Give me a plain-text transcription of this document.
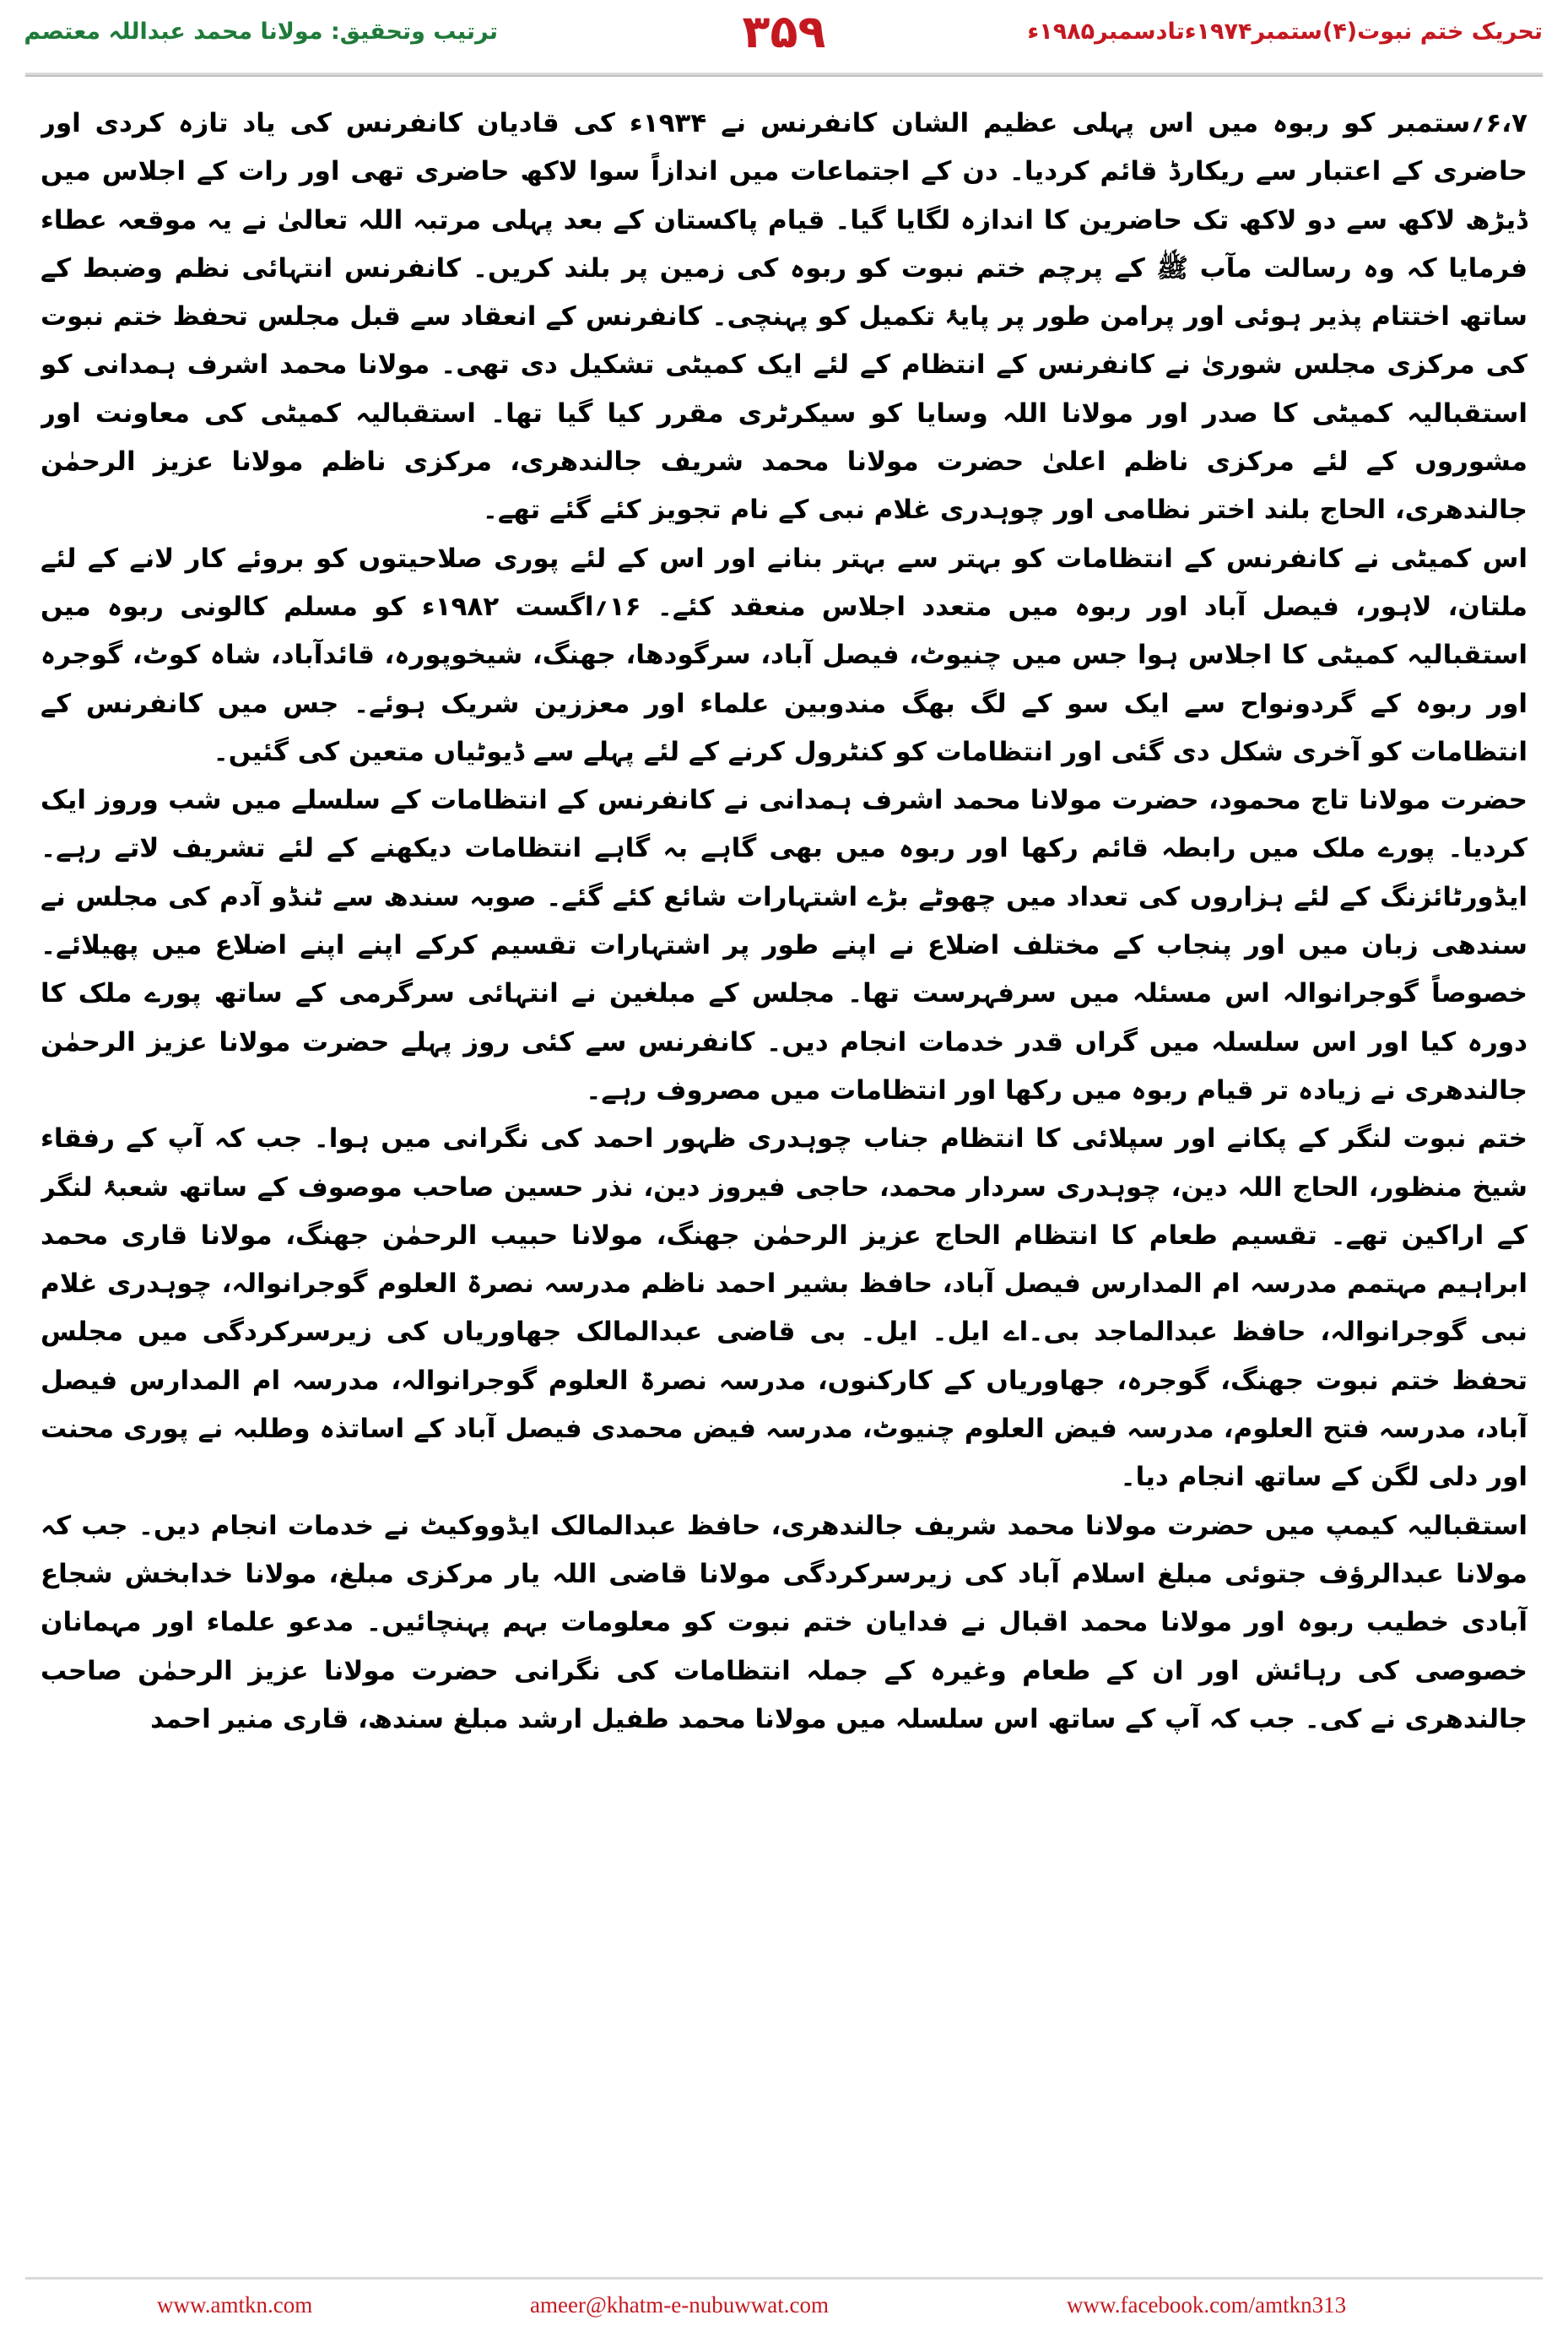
ترتیب وتحقیق: مولانا محمد عبداللہ معتصم	۳۵۹	تحریک ختم نبوت(۴)ستمبر۱۹۷۴ءتادسمبر۱۹۸۵ء

۶،۷؍ستمبر کو ربوہ میں اس پہلی عظیم الشان کانفرنس نے ۱۹۳۴ء کی قادیان کانفرنس کی یاد تازہ کردی اور حاضری کے اعتبار سے ریکارڈ قائم کردیا۔ دن کے اجتماعات میں اندازاً سوا لاکھ حاضری تھی اور رات کے اجلاس میں ڈیڑھ لاکھ سے دو لاکھ تک حاضرین کا اندازہ لگایا گیا۔ قیام پاکستان کے بعد پہلی مرتبہ اللہ تعالیٰ نے یہ موقعہ عطاء فرمایا کہ وہ رسالت مآب ﷺ کے پرچم ختم نبوت کو ربوہ کی زمین پر بلند کریں۔ کانفرنس انتہائی نظم وضبط کے ساتھ اختتام پذیر ہوئی اور پرامن طور پر پایۂ تکمیل کو پہنچی۔ کانفرنس کے انعقاد سے قبل مجلس تحفظ ختم نبوت کی مرکزی مجلس شوریٰ نے کانفرنس کے انتظام کے لئے ایک کمیٹی تشکیل دی تھی۔ مولانا محمد اشرف ہمدانی کو استقبالیہ کمیٹی کا صدر اور مولانا اللہ وسایا کو سیکرٹری مقرر کیا گیا تھا۔ استقبالیہ کمیٹی کی معاونت اور مشوروں کے لئے مرکزی ناظم اعلیٰ حضرت مولانا محمد شریف جالندھری، مرکزی ناظم مولانا عزیز الرحمٰن جالندھری، الحاج بلند اختر نظامی اور چوہدری غلام نبی کے نام تجویز کئے گئے تھے۔

اس کمیٹی نے کانفرنس کے انتظامات کو بہتر سے بہتر بنانے اور اس کے لئے پوری صلاحیتوں کو بروئے کار لانے کے لئے ملتان، لاہور، فیصل آباد اور ربوہ میں متعدد اجلاس منعقد کئے۔ ۱۶؍اگست ۱۹۸۲ء کو مسلم کالونی ربوہ میں استقبالیہ کمیٹی کا اجلاس ہوا جس میں چنیوٹ، فیصل آباد، سرگودھا، جھنگ، شیخوپورہ، قائدآباد، شاہ کوٹ، گوجرہ اور ربوہ کے گردونواح سے ایک سو کے لگ بھگ مندوبین علماء اور معززین شریک ہوئے۔ جس میں کانفرنس کے انتظامات کو آخری شکل دی گئی اور انتظامات کو کنٹرول کرنے کے لئے پہلے سے ڈیوٹیاں متعین کی گئیں۔

حضرت مولانا تاج محمود، حضرت مولانا محمد اشرف ہمدانی نے کانفرنس کے انتظامات کے سلسلے میں شب وروز ایک کردیا۔ پورے ملک میں رابطہ قائم رکھا اور ربوہ میں بھی گاہے بہ گاہے انتظامات دیکھنے کے لئے تشریف لاتے رہے۔ ایڈورٹائزنگ کے لئے ہزاروں کی تعداد میں چھوٹے بڑے اشتہارات شائع کئے گئے۔ صوبہ سندھ سے ٹنڈو آدم کی مجلس نے سندھی زبان میں اور پنجاب کے مختلف اضلاع نے اپنے طور پر اشتہارات تقسیم کرکے اپنے اپنے اضلاع میں پھیلائے۔ خصوصاً گوجرانوالہ اس مسئلہ میں سرفہرست تھا۔ مجلس کے مبلغین نے انتہائی سرگرمی کے ساتھ پورے ملک کا دورہ کیا اور اس سلسلہ میں گراں قدر خدمات انجام دیں۔ کانفرنس سے کئی روز پہلے حضرت مولانا عزیز الرحمٰن جالندھری نے زیادہ تر قیام ربوہ میں رکھا اور انتظامات میں مصروف رہے۔

ختم نبوت لنگر کے پکانے اور سپلائی کا انتظام جناب چوہدری ظہور احمد کی نگرانی میں ہوا۔ جب کہ آپ کے رفقاء شیخ منظور، الحاج اللہ دین، چوہدری سردار محمد، حاجی فیروز دین، نذر حسین صاحب موصوف کے ساتھ شعبۂ لنگر کے اراکین تھے۔ تقسیم طعام کا انتظام الحاج عزیز الرحمٰن جھنگ، مولانا حبیب الرحمٰن جھنگ، مولانا قاری محمد ابراہیم مہتمم مدرسہ ام المدارس فیصل آباد، حافظ بشیر احمد ناظم مدرسہ نصرۃ العلوم گوجرانوالہ، چوہدری غلام نبی گوجرانوالہ، حافظ عبدالماجد بی۔اے ایل۔ ایل۔ بی قاضی عبدالمالک جھاوریاں کی زیرسرکردگی میں مجلس تحفظ ختم نبوت جھنگ، گوجرہ، جھاوریاں کے کارکنوں، مدرسہ نصرۃ العلوم گوجرانوالہ، مدرسہ ام المدارس فیصل آباد، مدرسہ فتح العلوم، مدرسہ فیض العلوم چنیوٹ، مدرسہ فیض محمدی فیصل آباد کے اساتذہ وطلبہ نے پوری محنت اور دلی لگن کے ساتھ انجام دیا۔

استقبالیہ کیمپ میں حضرت مولانا محمد شریف جالندھری، حافظ عبدالمالک ایڈووکیٹ نے خدمات انجام دیں۔ جب کہ مولانا عبدالرؤف جتوئی مبلغ اسلام آباد کی زیرسرکردگی مولانا قاضی اللہ یار مرکزی مبلغ، مولانا خدابخش شجاع آبادی خطیب ربوہ اور مولانا محمد اقبال نے فدایان ختم نبوت کو معلومات بہم پہنچائیں۔ مدعو علماء اور مہمانان خصوصی کی رہائش اور ان کے طعام وغیرہ کے جملہ انتظامات کی نگرانی حضرت مولانا عزیز الرحمٰن صاحب جالندھری نے کی۔ جب کہ آپ کے ساتھ اس سلسلہ میں مولانا محمد طفیل ارشد مبلغ سندھ، قاری منیر احمد

www.amtkn.com	ameer@khatm-e-nubuwwat.com	www.facebook.com/amtkn313
